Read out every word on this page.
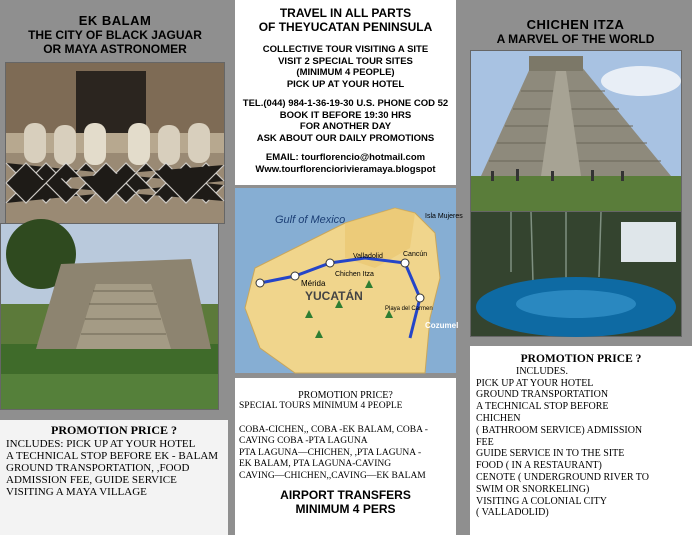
EK BALAM
THE CITY OF BLACK JAGUAR
OR MAYA ASTRONOMER
PROMOTION PRICE ?

INCLUDES: PICK UP AT YOUR HOTEL

A TECHNICAL STOP BEFORE EK - BALAM

GROUND TRANSPORTATION, ,FOOD

ADMISSION FEE, GUIDE SERVICE

VISITING A MAYA VILLAGE

TRAVEL IN ALL PARTS
OF THEYUCATAN PENINSULA
COLLECTIVE TOUR VISITING A SITE
VISIT 2 SPECIAL TOUR SITES
(MINIMUM 4 PEOPLE)
PICK UP AT YOUR HOTEL
TEL.(044) 984-1-36-19-30 U.S. PHONE COD 52
BOOK IT BEFORE 19:30 HRS
FOR ANOTHER DAY
ASK ABOUT OUR DAILY PROMOTIONS
EMAIL: tourflorencio@hotmail.com
Www.tourflorenciorivieramaya.blogspot
Gulf of Mexico
YUCATÁN
Mérida
Valladolid	Cancún
Chichen Itza
Isla Mujeres
Cozumel
Playa del Carmen
PROMOTION PRICE?
SPECIAL TOURS MINIMUM 4 PEOPLE
COBA-CICHEN,, COBA -EK BALAM, COBA -
CAVING COBA -PTA LAGUNA
PTA LAGUNA—CHICHEN, ,PTA LAGUNA -
EK BALAM, PTA LAGUNA-CAVING
CAVING—CHICHEN,,CAVING—EK BALAM
AIRPORT TRANSFERS
MINIMUM 4 PERS
CHICHEN ITZA
A MARVEL OF THE WORLD
PROMOTION PRICE ?

INCLUDES.

PICK UP AT YOUR HOTEL

GROUND TRANSPORTATION

A TECHNICAL STOP BEFORE

CHICHEN

( BATHROOM SERVICE) ADMISSION

FEE

GUIDE SERVICE IN TO THE SITE

FOOD ( IN A RESTAURANT)

CENOTE ( UNDERGROUND RIVER TO

SWIM OR SNORKELING)

VISITING A COLONIAL CITY

( VALLADOLID)
